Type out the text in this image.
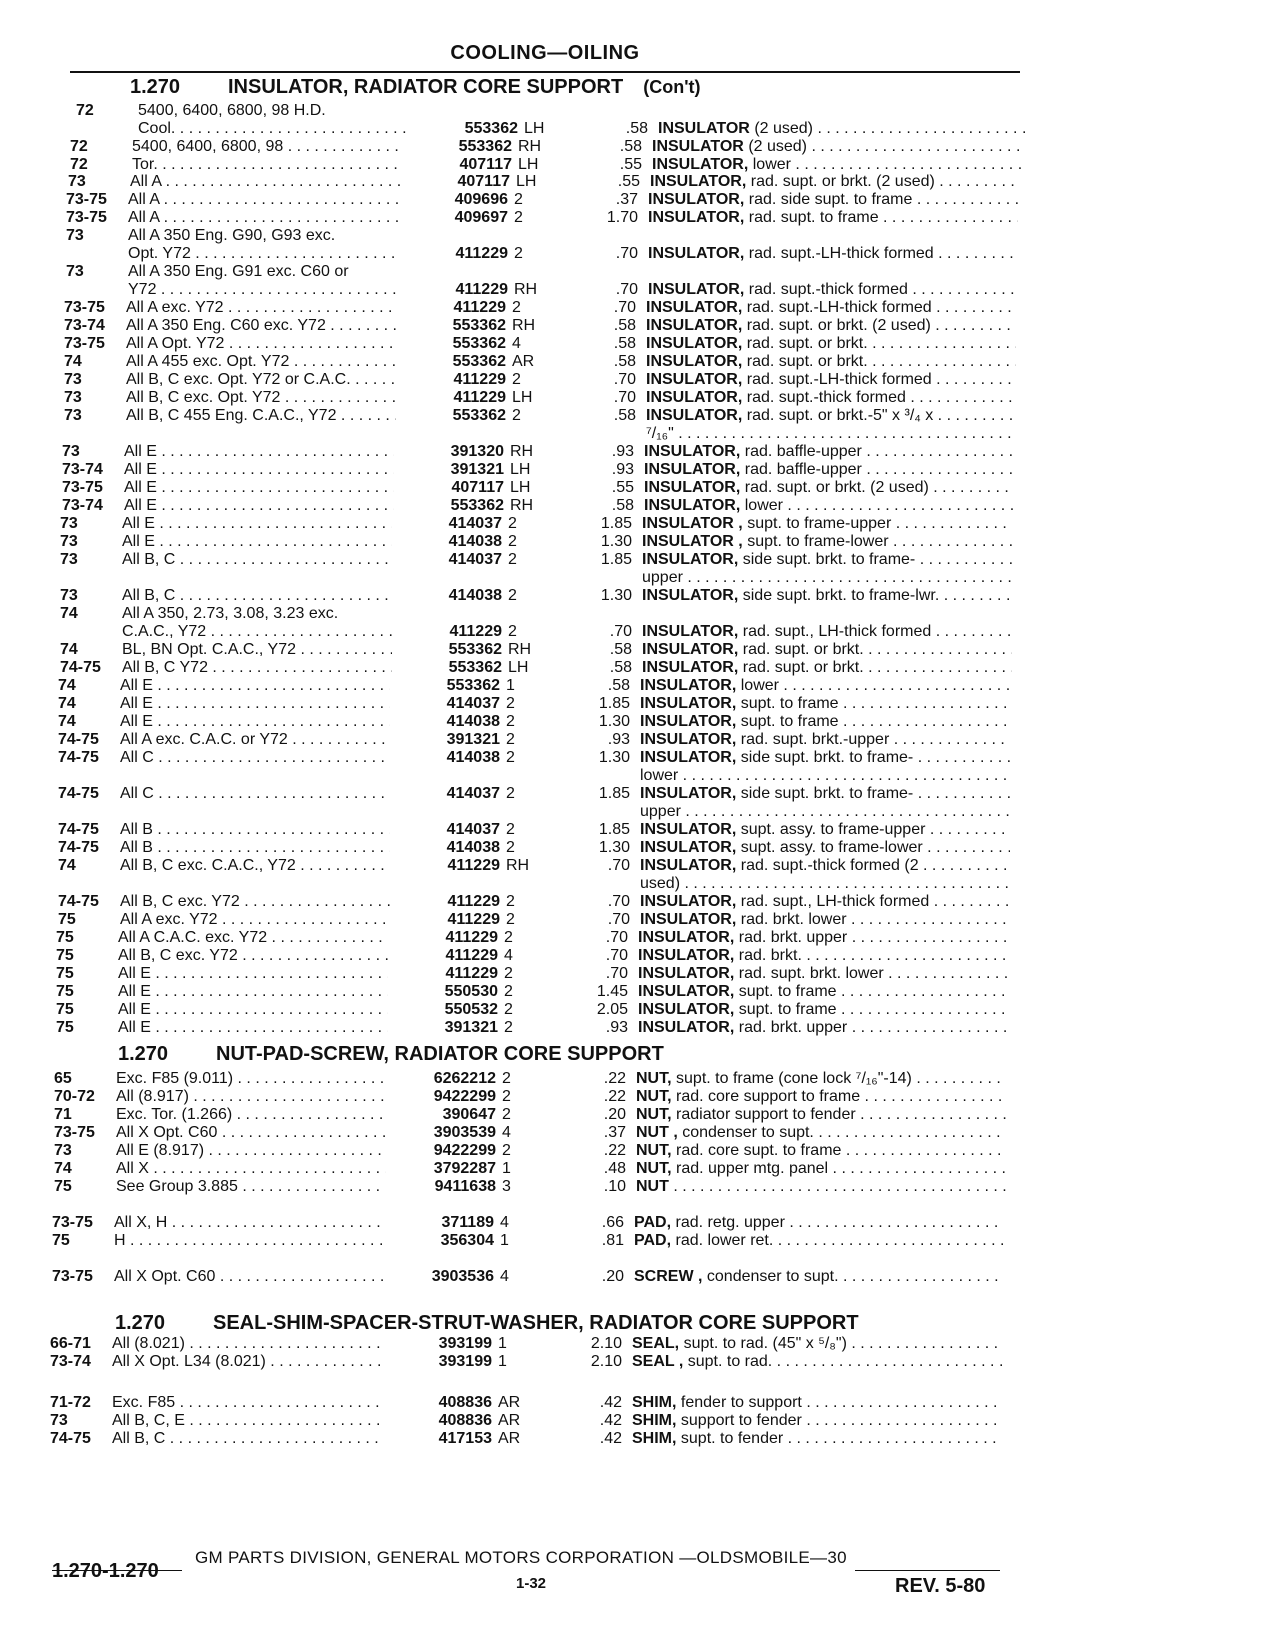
COOLING—OILING
1.270 INSULATOR, RADIATOR CORE SUPPORT (Con't)
1.270 NUT-PAD-SCREW, RADIATOR CORE SUPPORT
1.270 SEAL-SHIM-SPACER-STRUT-WASHER, RADIATOR CORE SUPPORT
72	5400, 6400, 6800, 98 H.D.
Cool. . . .	553362 LH	.58 INSULATOR (2 used) . . .
72	5400, 6400, 6800, 98 . . .	553362 RH	.58 INSULATOR (2 used) . . .
72	Tor. . . .	407117 LH	.55 INSULATOR, lower . . .
73	All A . . .	407117 LH	.55 INSULATOR, rad. supt. or brkt. (2 used) . . .
73-75	All A . . .	409696 2	.37 INSULATOR, rad. side supt. to frame . . .
73-75	All A . . .	409697 2	1.70 INSULATOR, rad. supt. to frame . . .
73	All A 350 Eng. G90, G93 exc.
Opt. Y72 . . .	411229 2	.70 INSULATOR, rad. supt.-LH-thick formed . . .
73	All A 350 Eng. G91 exc. C60 or
Y72 . . .	411229 RH	.70 INSULATOR, rad. supt.-thick formed . . .
73-75	All A exc. Y72 . . .	411229 2	.70 INSULATOR, rad. supt.-LH-thick formed . . .
73-74	All A 350 Eng. C60 exc. Y72 . . .	553362 RH	.58 INSULATOR, rad. supt. or brkt. (2 used) . . .
73-75	All A Opt. Y72 . . .	553362 4	.58 INSULATOR, rad. supt. or brkt. . . .
74	All A 455 exc. Opt. Y72 . . .	553362 AR	.58 INSULATOR, rad. supt. or brkt. . . .
73	All B, C exc. Opt. Y72 or C.A.C. . . .	411229 2	.70 INSULATOR, rad. supt.-LH-thick formed . . .
73	All B, C exc. Opt. Y72 . . .	411229 LH	.70 INSULATOR, rad. supt.-thick formed . . .
73	All B, C 455 Eng. C.A.C., Y72 . . .	553362 2	.58 INSULATOR, rad. supt. or brkt.-5" x ³/₄ x . . .
⁷/₁₆" . . .
73	All E . . .	391320 RH	.93 INSULATOR, rad. baffle-upper . . .
73-74	All E . . .	391321 LH	.93 INSULATOR, rad. baffle-upper . . .
73-75	All E . . .	407117 LH	.55 INSULATOR, rad. supt. or brkt. (2 used) . . .
73-74	All E . . .	553362 RH	.58 INSULATOR, lower . . .
73	All E . . .	414037 2	1.85 INSULATOR , supt. to frame-upper . . .
73	All E . . .	414038 2	1.30 INSULATOR , supt. to frame-lower . . .
73	All B, C . . .	414037 2	1.85 INSULATOR, side supt. brkt. to frame- . . .
upper . . .
73	All B, C . . .	414038 2	1.30 INSULATOR, side supt. brkt. to frame-lwr. . . .
74	All A 350, 2.73, 3.08, 3.23 exc.
C.A.C., Y72 . . .	411229 2	.70 INSULATOR, rad. supt., LH-thick formed . . .
74	BL, BN Opt. C.A.C., Y72 . . .	553362 RH	.58 INSULATOR, rad. supt. or brkt. . . .
74-75	All B, C Y72 . . .	553362 LH	.58 INSULATOR, rad. supt. or brkt. . . .
74	All E . . .	553362 1	.58 INSULATOR, lower . . .
74	All E . . .	414037 2	1.85 INSULATOR, supt. to frame . . .
74	All E . . .	414038 2	1.30 INSULATOR, supt. to frame . . .
74-75	All A exc. C.A.C. or Y72 . . .	391321 2	.93 INSULATOR, rad. supt. brkt.-upper . . .
74-75	All C . . .	414038 2	1.30 INSULATOR, side supt. brkt. to frame- . . .
lower . . .
74-75	All C . . .	414037 2	1.85 INSULATOR, side supt. brkt. to frame- . . .
upper . . .
74-75	All B . . .	414037 2	1.85 INSULATOR, supt. assy. to frame-upper . . .
74-75	All B . . .	414038 2	1.30 INSULATOR, supt. assy. to frame-lower . . .
74	All B, C exc. C.A.C., Y72 . . .	411229 RH	.70 INSULATOR, rad. supt.-thick formed (2 . . .
used) . . .
74-75	All B, C exc. Y72 . . .	411229 2	.70 INSULATOR, rad. supt., LH-thick formed . . .
75	All A exc. Y72 . . .	411229 2	.70 INSULATOR, rad. brkt. lower . . .
75	All A C.A.C. exc. Y72 . . .	411229 2	.70 INSULATOR, rad. brkt. upper . . .
75	All B, C exc. Y72 . . .	411229 4	.70 INSULATOR, rad. brkt. . . .
75	All E . . .	411229 2	.70 INSULATOR, rad. supt. brkt. lower . . .
75	All E . . .	550530 2	1.45 INSULATOR, supt. to frame . . .
75	All E . . .	550532 2	2.05 INSULATOR, supt. to frame . . .
75	All E . . .	391321 2	.93 INSULATOR, rad. brkt. upper . . .
65	Exc. F85 (9.011) . . .	6262212 2	.22 NUT, supt. to frame (cone lock ⁷/₁₆"-14) . . .
70-72	All (8.917) . . .	9422299 2	.22 NUT, rad. core support to frame . . .
71	Exc. Tor. (1.266) . . .	390647 2	.20 NUT, radiator support to fender . . .
73-75	All X Opt. C60 . . .	3903539 4	.37 NUT , condenser to supt. . . .
73	All E (8.917) . . .	9422299 2	.22 NUT, rad. core supt. to frame . . .
74	All X . . .	3792287 1	.48 NUT, rad. upper mtg. panel . . .
75	See Group 3.885 . . .	9411638 3	.10 NUT . . .
73-75	All X, H . . .	371189 4	.66 PAD, rad. retg. upper . . .
75	H . . .	356304 1	.81 PAD, rad. lower ret. . . .
73-75	All X Opt. C60 . . .	3903536 4	.20 SCREW , condenser to supt. . . .
66-71	All (8.021) . . .	393199 1	2.10 SEAL, supt. to rad. (45" x ⁵/₈") . . .
73-74	All X Opt. L34 (8.021) . . .	393199 1	2.10 SEAL , supt. to rad. . . .
71-72	Exc. F85 . . .	408836 AR	.42 SHIM, fender to support . . .
73	All B, C, E . . .	408836 AR	.42 SHIM, support to fender . . .
74-75	All B, C . . .	417153 AR	.42 SHIM, supt. to fender . . .
GM PARTS DIVISION, GENERAL MOTORS CORPORATION —OLDSMOBILE—30
1.270-1.270
1-32	REV. 5-80
